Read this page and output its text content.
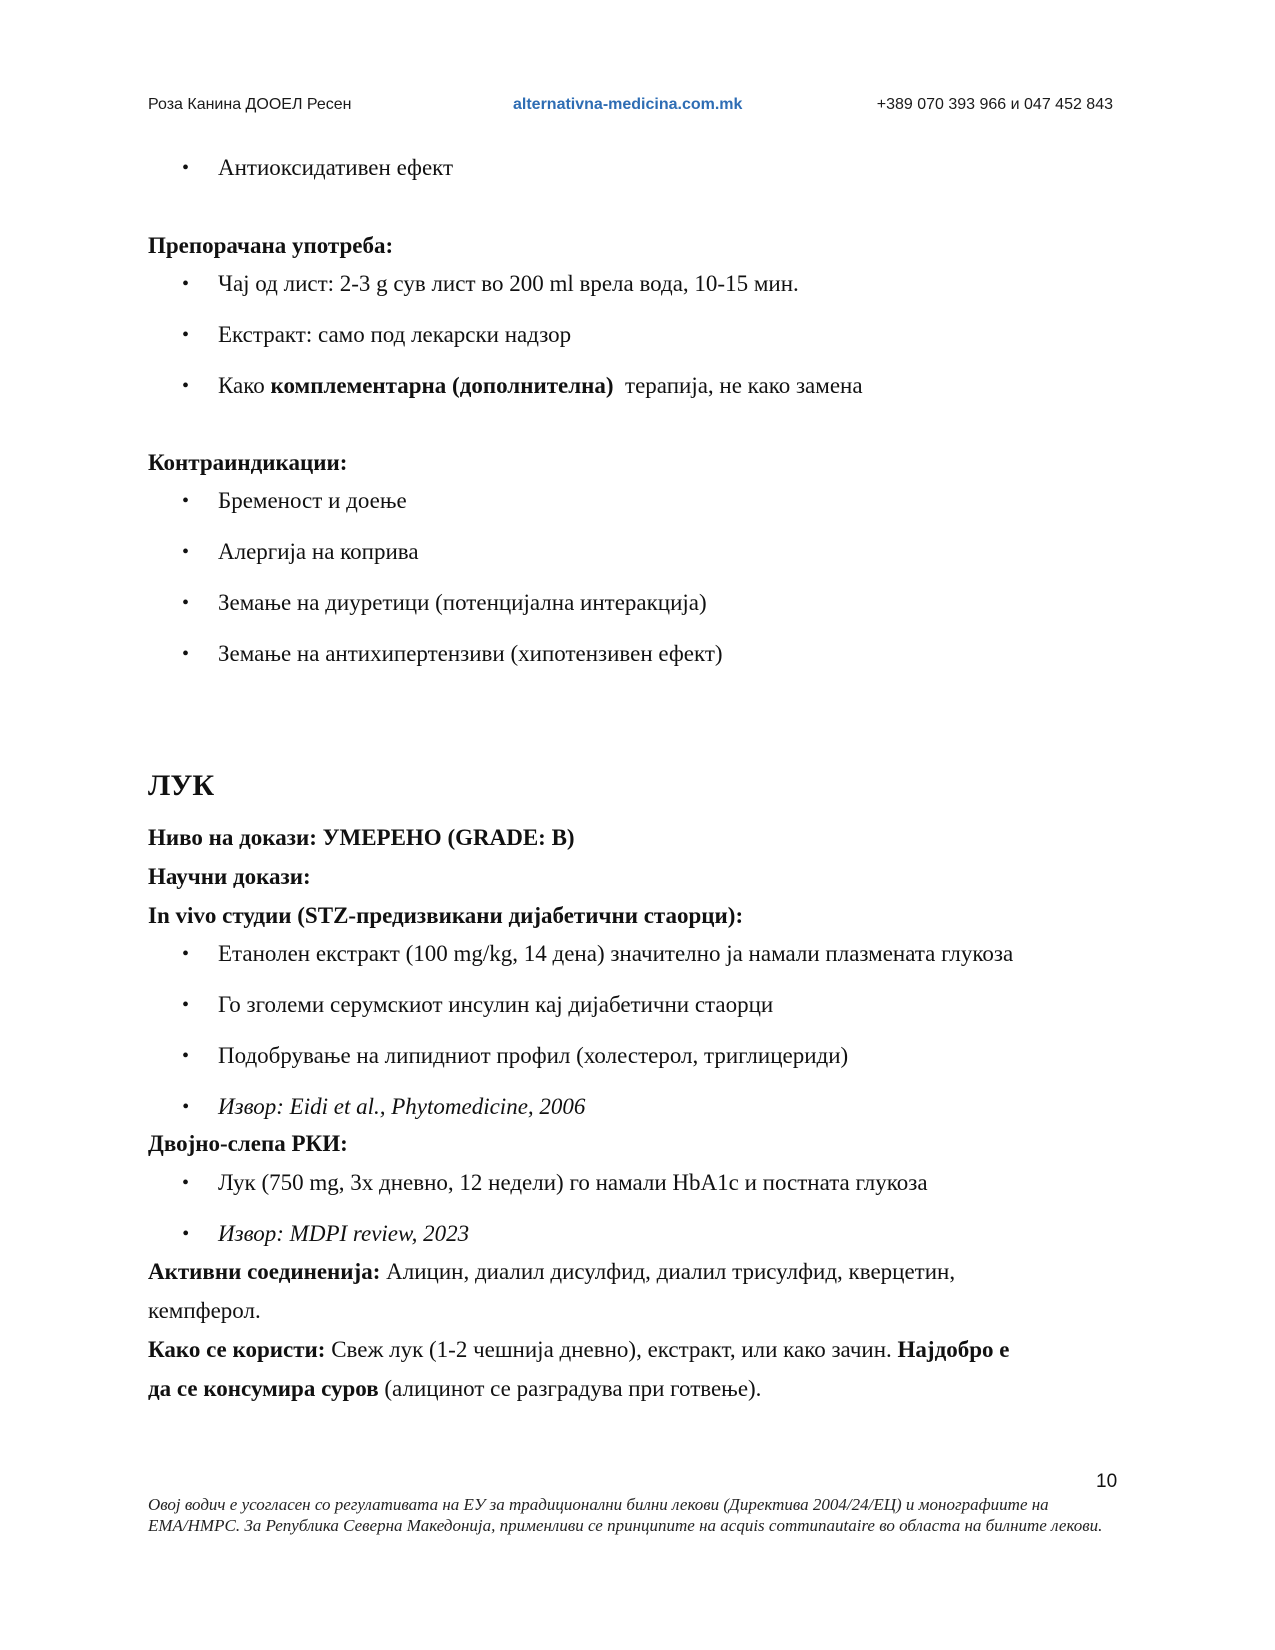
Роза Канина ДООЕЛ Ресен	alternativna-medicina.com.mk	+389 070 393 966 и 047 452 843
• Антиоксидативен ефект
Препорачана употреба:
• Чај од лист: 2-3 g сув лист во 200 ml врела вода, 10-15 мин.
• Екстракт: само под лекарски надзор
• Како комплементарна (дополнителна)  терапија, не како замена
Контраиндикации:
• Бременост и доење
• Алергија на коприва
• Земање на диуретици (потенцијална интеракција)
• Земање на антихипертензиви (хипотензивен ефект)
ЛУК
Ниво на докази: УМЕРЕНО (GRADE: B)
Научни докази:
In vivo студии (STZ-предизвикани дијабетични стаорци):
• Етанолен екстракт (100 mg/kg, 14 дена) значително ја намали плазмената глукоза
• Го зголеми серумскиот инсулин кај дијабетични стаорци
• Подобрување на липидниот профил (холестерол, триглицериди)
• Извор: Eidi et al., Phytomedicine, 2006
Двојно-слепа РКИ:
• Лук (750 mg, 3x дневно, 12 недели) го намали HbA1c и постната глукоза
• Извор: MDPI review, 2023
Активни соединенија: Алицин, диалил дисулфид, диалил трисулфид, кверцетин,
кемпферол.
Како се користи: Свеж лук (1-2 чешнија дневно), екстракт, или како зачин. Најдобро е
да се консумира суров (алицинот се разградува при готвење).
10
Овој водич е усогласен со регулативата на ЕУ за традиционални билни лекови (Директива 2004/24/ЕЦ) и монографиите на EMA/HMPC. За Република Северна Македонија, применливи се принципите на acquis communautaire во областа на билните лекови.
